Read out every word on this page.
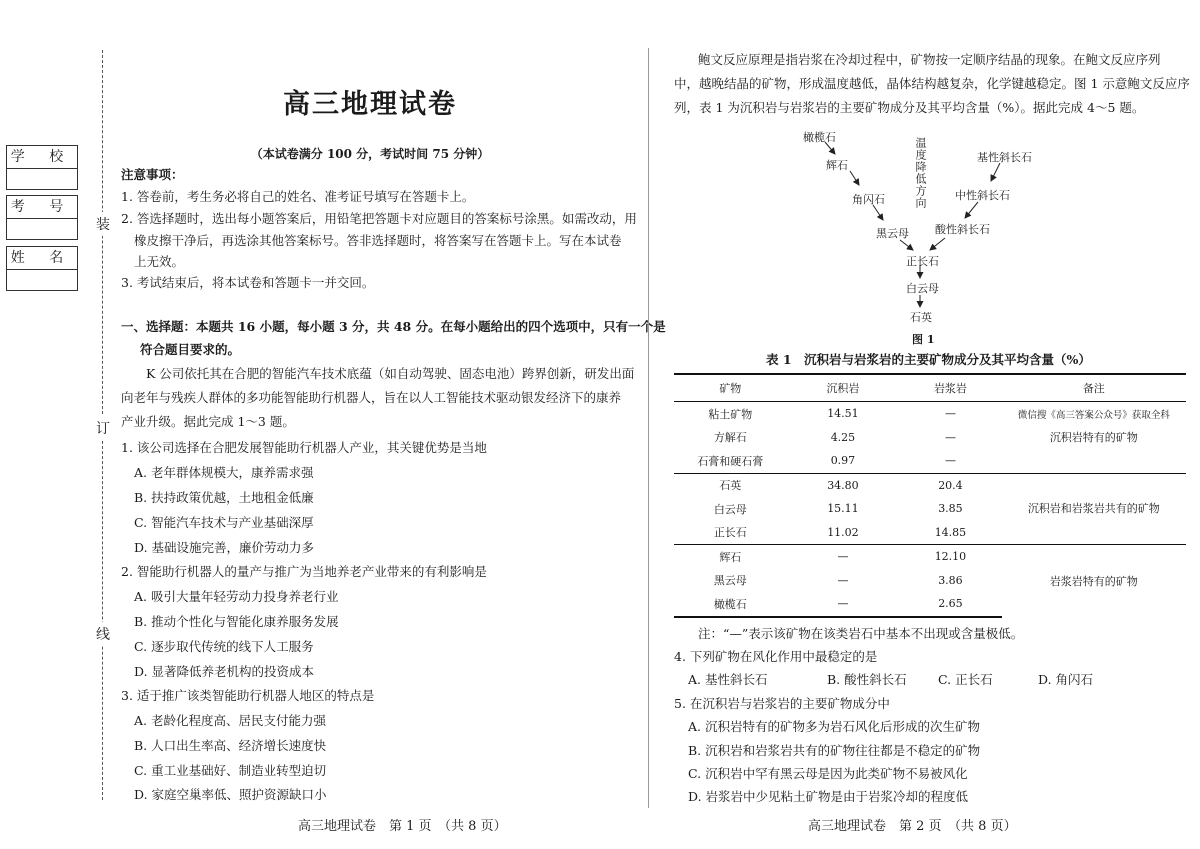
学 校
考 号
姓 名
装
订
线
高三地理试卷
（本试卷满分 100 分，考试时间 75 分钟）
注意事项：
1. 答卷前，考生务必将自己的姓名、准考证号填写在答题卡上。
2. 答选择题时，选出每小题答案后，用铅笔把答题卡对应题目的答案标号涂黑。如需改动，用
橡皮擦干净后，再选涂其他答案标号。答非选择题时，将答案写在答题卡上。写在本试卷
上无效。
3. 考试结束后，将本试卷和答题卡一并交回。
一、选择题：本题共 16 小题，每小题 3 分，共 48 分。在每小题给出的四个选项中，只有一个是
符合题目要求的。
K 公司依托其在合肥的智能汽车技术底蕴（如自动驾驶、固态电池）跨界创新，研发出面
向老年与残疾人群体的多功能智能助行机器人，旨在以人工智能技术驱动银发经济下的康养
产业升级。据此完成 1～3 题。
1. 该公司选择在合肥发展智能助行机器人产业，其关键优势是当地
A. 老年群体规模大，康养需求强
B. 扶持政策优越，土地租金低廉
C. 智能汽车技术与产业基础深厚
D. 基础设施完善，廉价劳动力多
2. 智能助行机器人的量产与推广为当地养老产业带来的有利影响是
A. 吸引大量年轻劳动力投身养老行业
B. 推动个性化与智能化康养服务发展
C. 逐步取代传统的线下人工服务
D. 显著降低养老机构的投资成本
3. 适于推广该类智能助行机器人地区的特点是
A. 老龄化程度高、居民支付能力强
B. 人口出生率高、经济增长速度快
C. 重工业基础好、制造业转型迫切
D. 家庭空巢率低、照护资源缺口小
高三地理试卷　第 1 页　（共 8 页）
鲍文反应原理是指岩浆在冷却过程中，矿物按一定顺序结晶的现象。在鲍文反应序列
中，越晚结晶的矿物，形成温度越低，晶体结构越复杂，化学键越稳定。图 1 示意鲍文反应序
列，表 1 为沉积岩与岩浆岩的主要矿物成分及其平均含量（%）。据此完成 4～5 题。
橄榄石
辉石
角闪石
黑云母
基性斜长石
中性斜长石
酸性斜长石
温度降低方向
正长石
白云母
石英
图 1
表 1　沉积岩与岩浆岩的主要矿物成分及其平均含量（%）
矿物	沉积岩	岩浆岩	备注
粘土矿物	14.51	—	微信搜《高三答案公众号》获取全科
方解石	4.25	—	沉积岩特有的矿物
石膏和硬石膏	0.97	—	
石英	34.80	20.4	沉积岩和岩浆岩共有的矿物
白云母	15.11	3.85	
正长石	11.02	14.85	
辉石	—	12.10	岩浆岩特有的矿物
黑云母	—	3.86	
橄榄石	—	2.65	
注：“—”表示该矿物在该类岩石中基本不出现或含量极低。
4. 下列矿物在风化作用中最稳定的是
A. 基性斜长石	B. 酸性斜长石	C. 正长石	D. 角闪石
5. 在沉积岩与岩浆岩的主要矿物成分中
A. 沉积岩特有的矿物多为岩石风化后形成的次生矿物
B. 沉积岩和岩浆岩共有的矿物往往都是不稳定的矿物
C. 沉积岩中罕有黑云母是因为此类矿物不易被风化
D. 岩浆岩中少见粘土矿物是由于岩浆冷却的程度低
高三地理试卷　第 2 页　（共 8 页）
